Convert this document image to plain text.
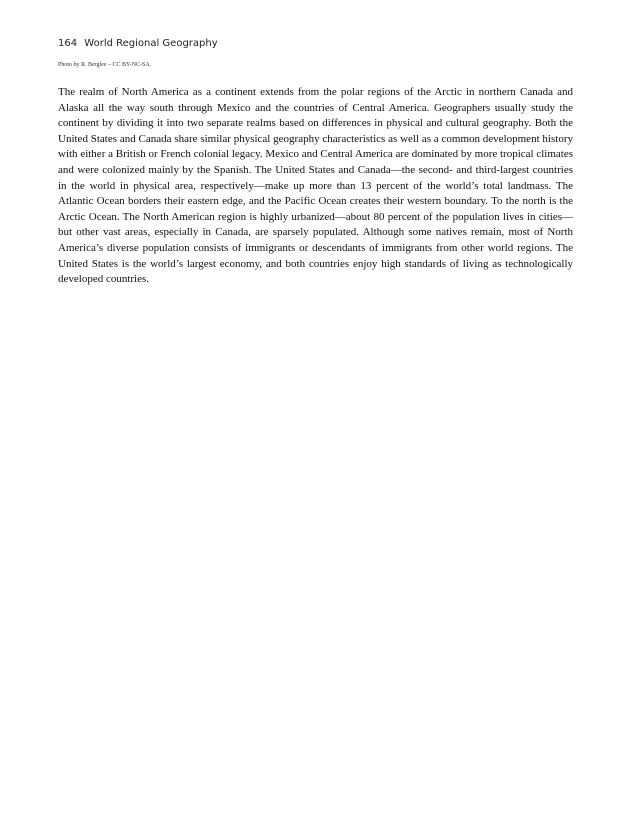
164 World Regional Geography
Photo by R. Berglee – CC BY-NC-SA.

The realm of North America as a continent extends from the polar regions of the Arctic in northern Canada and Alaska all the way south through Mexico and the countries of Central America. Geographers usually study the continent by dividing it into two separate realms based on differences in physical and cultural geography. Both the United States and Canada share similar physical geography characteristics as well as a common development history with either a British or French colonial legacy. Mexico and Central America are dominated by more tropical climates and were colonized mainly by the Spanish. The United States and Canada—the second- and third-largest countries in the world in physical area, respectively—make up more than 13 percent of the world’s total landmass. The Atlantic Ocean borders their eastern edge, and the Pacific Ocean creates their western boundary. To the north is the Arctic Ocean. The North American region is highly urbanized—about 80 percent of the population lives in cities—but other vast areas, especially in Canada, are sparsely populated. Although some natives remain, most of North America’s diverse population consists of immigrants or descendants of immigrants from other world regions. The United States is the world’s largest economy, and both countries enjoy high standards of living as technologically developed countries.
